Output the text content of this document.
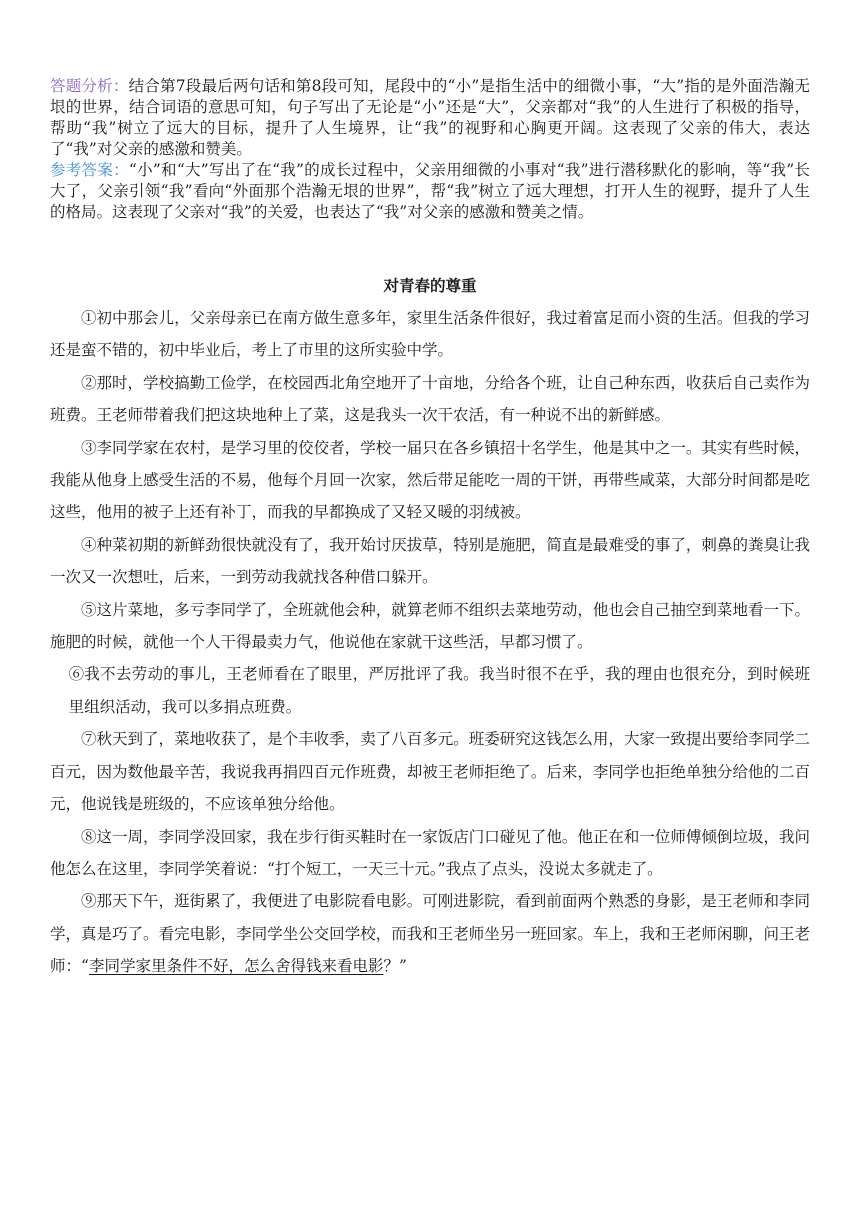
答题分析：结合第7段最后两句话和第8段可知，尾段中的“小”是指生活中的细微小事，“大”指的是外面浩瀚无垠的世界，结合词语的意思可知，句子写出了无论是“小”还是“大”，父亲都对“我”的人生进行了积极的指导，帮助“我”树立了远大的目标，提升了人生境界，让“我”的视野和心胸更开阔。这表现了父亲的伟大，表达了“我”对父亲的感激和赞美。

参考答案：“小”和“大”写出了在“我”的成长过程中，父亲用细微的小事对“我”进行潜移默化的影响，等“我”长大了，父亲引领“我”看向“外面那个浩瀚无垠的世界”，帮“我”树立了远大理想，打开人生的视野，提升了人生的格局。这表现了父亲对“我”的关爱，也表达了“我”对父亲的感激和赞美之情。

对青春的尊重

①初中那会儿，父亲母亲已在南方做生意多年，家里生活条件很好，我过着富足而小资的生活。但我的学习还是蛮不错的，初中毕业后，考上了市里的这所实验中学。

②那时，学校搞勤工俭学，在校园西北角空地开了十亩地，分给各个班，让自己种东西，收获后自己卖作为班费。王老师带着我们把这块地种上了菜，这是我头一次干农活，有一种说不出的新鲜感。

③李同学家在农村，是学习里的佼佼者，学校一届只在各乡镇招十名学生，他是其中之一。其实有些时候，我能从他身上感受生活的不易，他每个月回一次家，然后带足能吃一周的干饼，再带些咸菜，大部分时间都是吃这些，他用的被子上还有补丁，而我的早都换成了又轻又暖的羽绒被。

④种菜初期的新鲜劲很快就没有了，我开始讨厌拔草，特别是施肥，简直是最难受的事了，刺鼻的粪臭让我一次又一次想吐，后来，一到劳动我就找各种借口躲开。

⑤这片菜地，多亏李同学了，全班就他会种，就算老师不组织去菜地劳动，他也会自己抽空到菜地看一下。施肥的时候，就他一个人干得最卖力气，他说他在家就干这些活，早都习惯了。

⑥我不去劳动的事儿，王老师看在了眼里，严厉批评了我。我当时很不在乎，我的理由也很充分，到时候班里组织活动，我可以多捐点班费。

⑦秋天到了，菜地收获了，是个丰收季，卖了八百多元。班委研究这钱怎么用，大家一致提出要给李同学二百元，因为数他最辛苦，我说我再捐四百元作班费，却被王老师拒绝了。后来，李同学也拒绝单独分给他的二百元，他说钱是班级的，不应该单独分给他。

⑧这一周，李同学没回家，我在步行街买鞋时在一家饭店门口碰见了他。他正在和一位师傅倾倒垃圾，我问他怎么在这里，李同学笑着说：“打个短工，一天三十元。”我点了点头，没说太多就走了。

⑨那天下午，逛街累了，我便进了电影院看电影。可刚进影院，看到前面两个熟悉的身影，是王老师和李同学，真是巧了。看完电影，李同学坐公交回学校，而我和王老师坐另一班回家。车上，我和王老师闲聊，问王老师：“李同学家里条件不好，怎么舍得钱来看电影？”
